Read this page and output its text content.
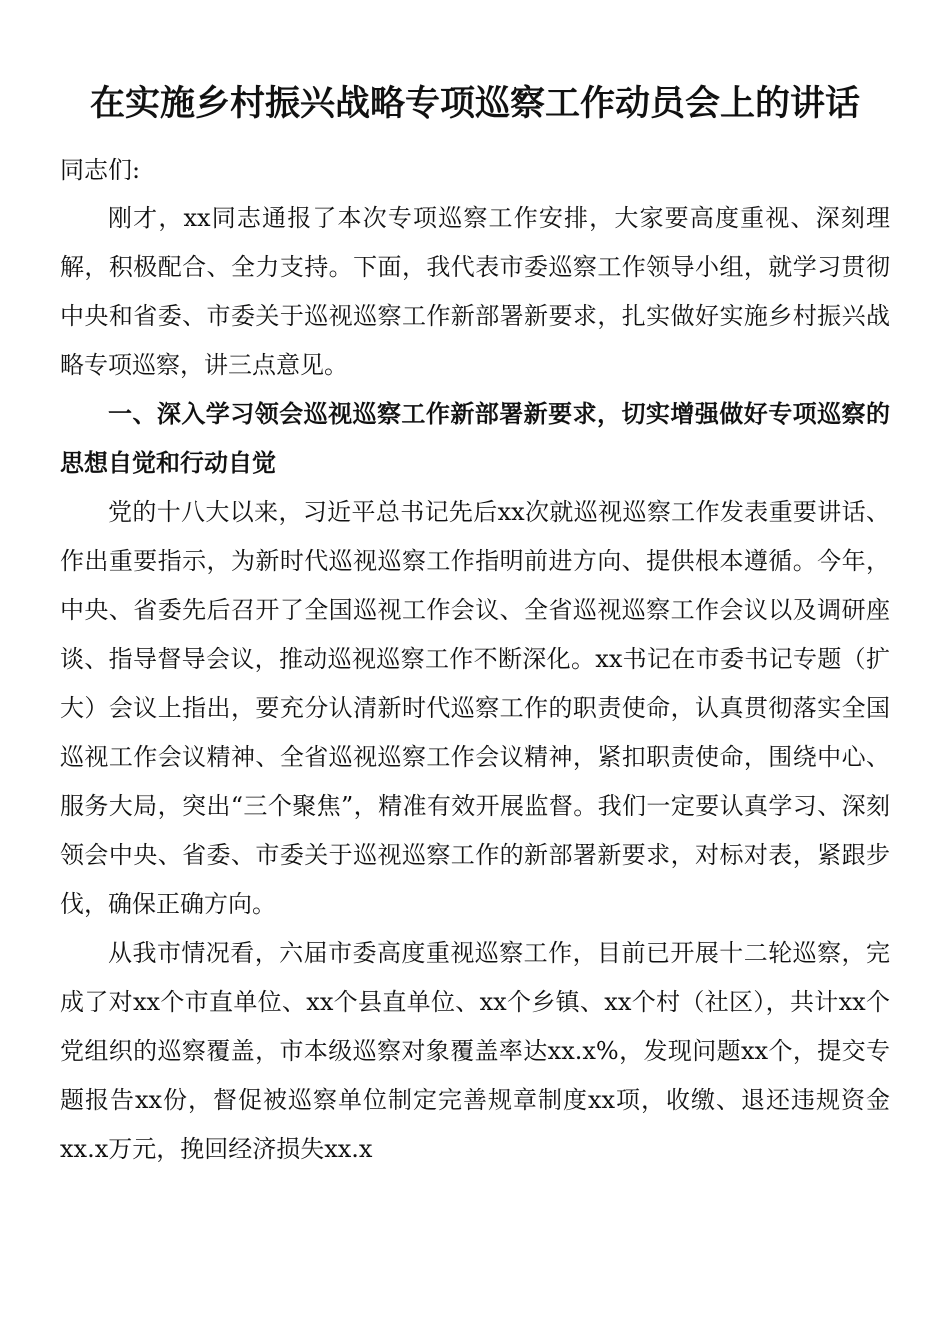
在实施乡村振兴战略专项巡察工作动员会上的讲话

同志们:

刚才，xx同志通报了本次专项巡察工作安排，大家要高度重视、深刻理解，积极配合、全力支持。下面，我代表市委巡察工作领导小组，就学习贯彻中央和省委、市委关于巡视巡察工作新部署新要求，扎实做好实施乡村振兴战略专项巡察，讲三点意见。

一、深入学习领会巡视巡察工作新部署新要求，切实增强做好专项巡察的思想自觉和行动自觉

党的十八大以来，习近平总书记先后xx次就巡视巡察工作发表重要讲话、作出重要指示，为新时代巡视巡察工作指明前进方向、提供根本遵循。今年，中央、省委先后召开了全国巡视工作会议、全省巡视巡察工作会议以及调研座谈、指导督导会议，推动巡视巡察工作不断深化。xx书记在市委书记专题（扩大）会议上指出，要充分认清新时代巡察工作的职责使命，认真贯彻落实全国巡视工作会议精神、全省巡视巡察工作会议精神，紧扣职责使命，围绕中心、服务大局，突出“三个聚焦”，精准有效开展监督。我们一定要认真学习、深刻领会中央、省委、市委关于巡视巡察工作的新部署新要求，对标对表，紧跟步伐，确保正确方向。

从我市情况看，六届市委高度重视巡察工作，目前已开展十二轮巡察，完成了对xx个市直单位、xx个县直单位、xx个乡镇、xx个村（社区），共计xx个党组织的巡察覆盖，市本级巡察对象覆盖率达xx.x%，发现问题xx个，提交专题报告xx份，督促被巡察单位制定完善规章制度xx项，收缴、退还违规资金xx.x万元，挽回经济损失xx.x
